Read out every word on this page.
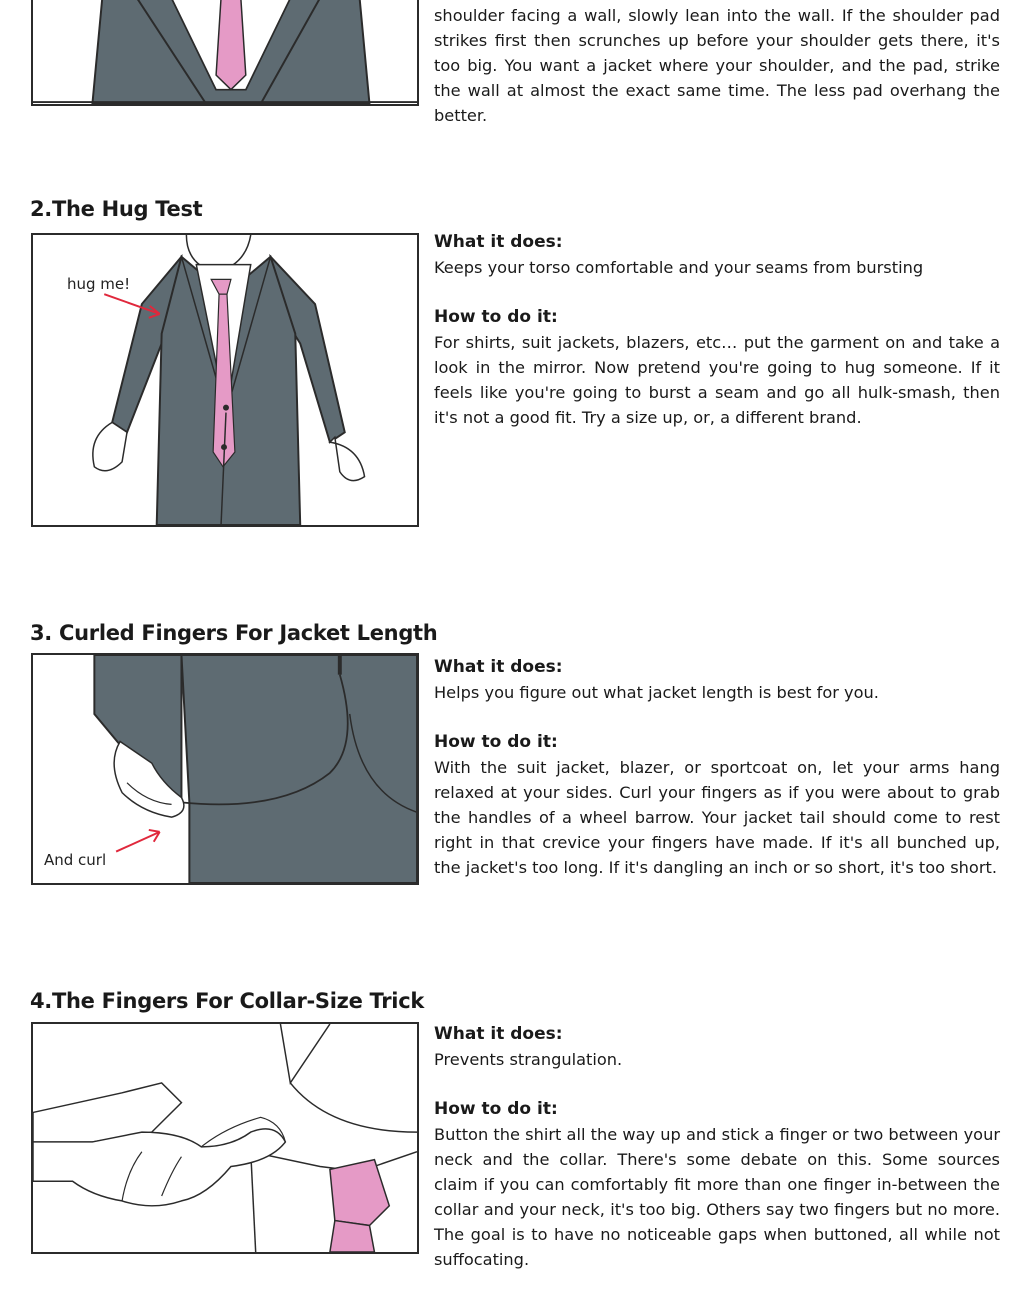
shoulder facing a wall, slowly lean into the wall. If the shoulder pad strikes first then scrunches up before your shoulder gets there, it's too big. You want a jacket where your shoulder, and the pad, strike the wall at almost the exact same time. The less pad overhang the better.

2.The Hug Test
hug me!

What it does:

Keeps your torso comfortable and your seams from bursting

How to do it:

For shirts, suit jackets, blazers, etc… put the garment on and take a look in the mirror. Now pretend you're going to hug someone. If it feels like you're going to burst a seam and go all hulk-smash, then it's not a good fit. Try a size up, or, a different brand.

3. Curled Fingers For Jacket Length
And curl

What it does:

Helps you figure out what jacket length is best for you.

How to do it:

With the suit jacket, blazer, or sportcoat on, let your arms hang relaxed at your sides. Curl your fingers as if you were about to grab the handles of a wheel barrow. Your jacket tail should come to rest right in that crevice your fingers have made. If it's all bunched up, the jacket's too long. If it's dangling an inch or so short, it's too short.

4.The Fingers For Collar-Size Trick

What it does:

Prevents strangulation.

How to do it:

Button the shirt all the way up and stick a finger or two between your neck and the collar. There's some debate on this. Some sources claim if you can comfortably fit more than one finger in-between the collar and your neck, it's too big. Others say two fingers but no more. The goal is to have no noticeable gaps when buttoned, all while not suffocating.
